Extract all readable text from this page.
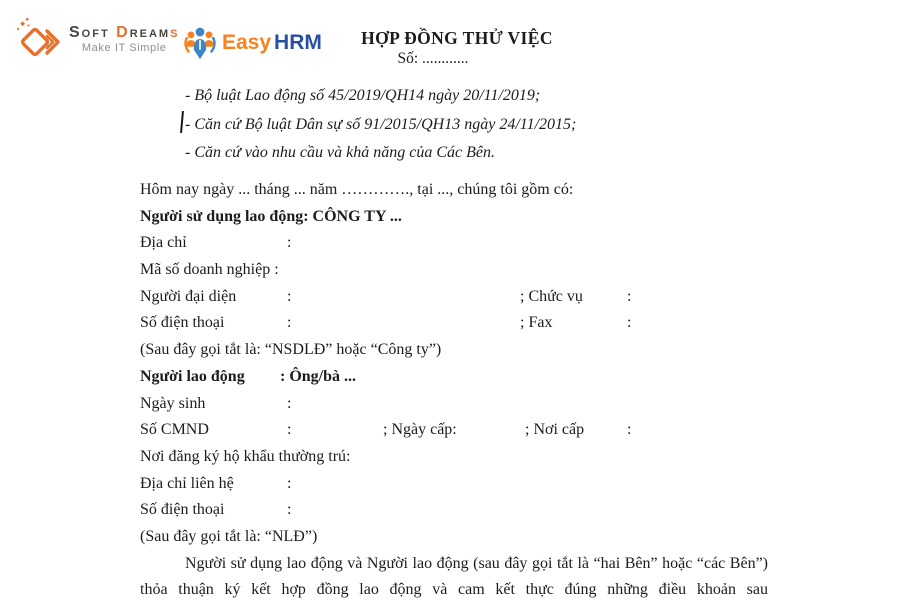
Soft Dreams
Make IT Simple	Easy HRM HỢP ĐỒNG THỬ VIỆC
Số: ............
- Bộ luật Lao động số 45/2019/QH14 ngày 20/11/2019;
- Căn cứ Bộ luật Dân sự số 91/2015/QH13 ngày 24/11/2015;
- Căn cứ vào nhu cầu và khả năng của Các Bên.
Hôm nay ngày ... tháng ... năm …………., tại ..., chúng tôi gồm có:
Người sử dụng lao động: CÔNG TY ...
Địa chỉ	:
Mã số doanh nghiệp :
Người đại diện	:	; Chức vụ	:
Số điện thoại	:	; Fax	:
(Sau đây gọi tắt là: “NSDLĐ” hoặc “Công ty”)
Người lao động : Ông/bà ...
Ngày sinh	:
Số CMND	:	; Ngày cấp:	; Nơi cấp	:
Nơi đăng ký hộ khẩu thường trú:
Địa chỉ liên hệ	:
Số điện thoại	:
(Sau đây gọi tắt là: “NLĐ”)
Người sử dụng lao động và Người lao động (sau đây gọi tắt là “hai Bên” hoặc “các Bên”) thỏa thuận ký kết hợp đồng lao động và cam kết thực đúng những điều khoản sau
